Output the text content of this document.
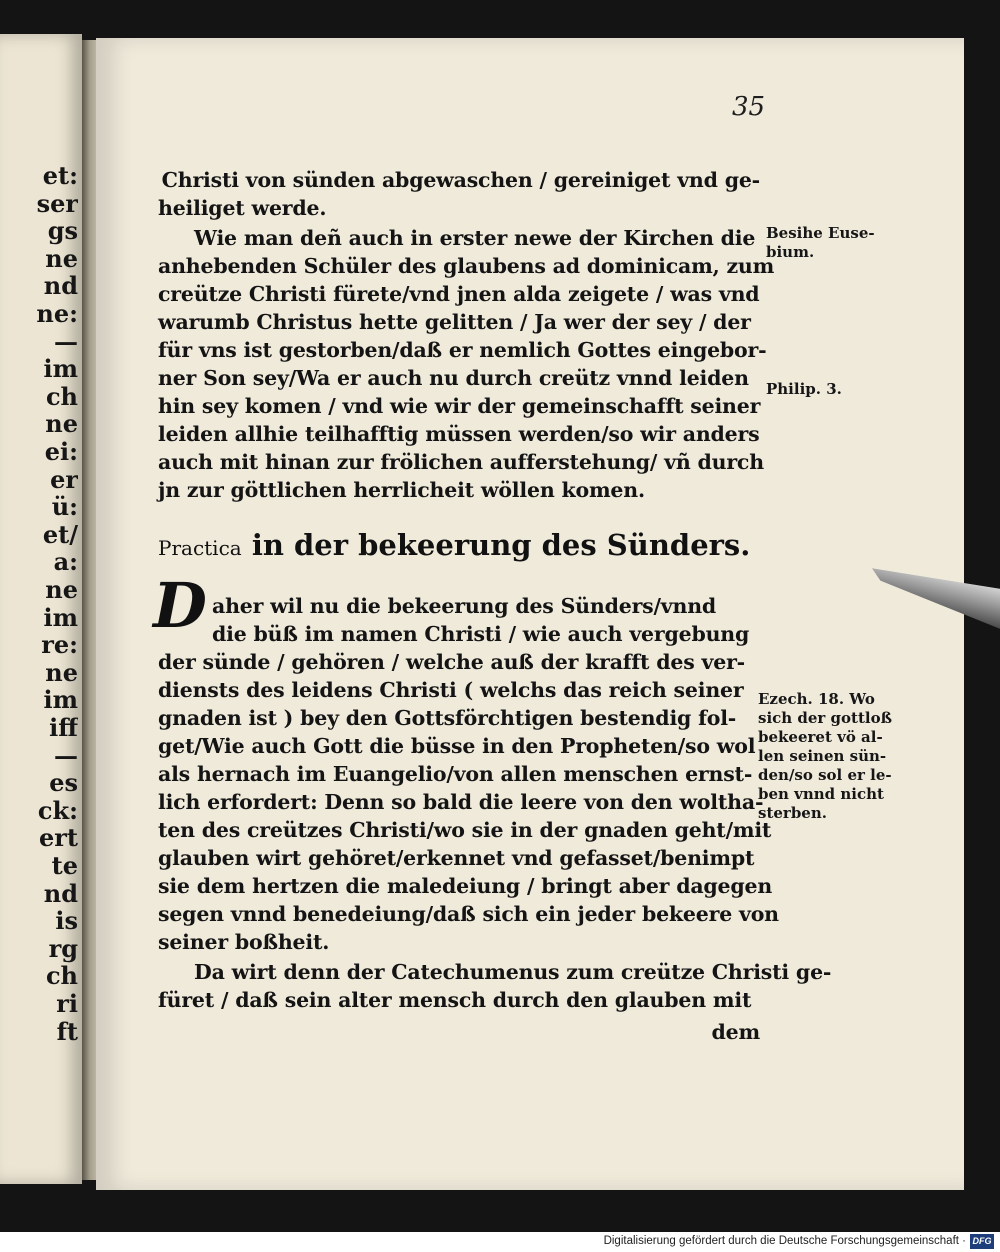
35
Christi von sünden abgewaschen / gereiniget vnd ge-
heiliget werde.
Wie man deñ auch in erster newe der Kirchen die
anhebenden Schüler des glaubens ad dominicam, zum
creütze Christi fürete/vnd jnen alda zeigete / was vnd
warumb Christus hette gelitten / Ja wer der sey / der
für vns ist gestorben/daß er nemlich Gottes eingebor-
ner Son sey/Wa er auch nu durch creütz vnnd leiden
hin sey komen / vnd wie wir der gemeinschafft seiner
leiden allhie teilhafftig müssen werden/so wir anders
auch mit hinan zur frölichen aufferstehung/ vñ durch
jn zur göttlichen herrlicheit wöllen komen.
Practica in der bekeerung des Sünders.
D aher wil nu die bekeerung des Sünders/vnnd
die büß im namen Christi / wie auch vergebung
der sünde / gehören / welche auß der krafft des ver-
diensts des leidens Christi ( welchs das reich seiner
gnaden ist ) bey den Gottsförchtigen bestendig fol-
get/Wie auch Gott die büsse in den Propheten/so wol
als hernach im Euangelio/von allen menschen ernst-
lich erfordert: Denn so bald die leere von den woltha-
ten des creützes Christi/wo sie in der gnaden geht/mit
glauben wirt gehöret/erkennet vnd gefasset/benimpt
sie dem hertzen die maledeiung / bringt aber dagegen
segen vnnd benedeiung/daß sich ein jeder bekeere von
seiner boßheit.
Da wirt denn der Catechumenus zum creütze Christi ge-
füret / daß sein alter mensch durch den glauben mit
dem
Besihe Euse-
bium.
Philip. 3.
Ezech. 18. Wo
sich der gottloß
bekeeret vö al-
len seinen sün-
den/so sol er le-
ben vnnd nicht
sterben.
et:
ser
gs
ne
nd
ne:
—
im
ch
ne
ei:
er
ü:
et/
a:
ne
im
re:
ne
im
iff
—
es
ck:
ert
te
nd
is
rg
ch
ri
ft
Digitalisierung gefördert durch die Deutsche Forschungsgemeinschaft · DFG
